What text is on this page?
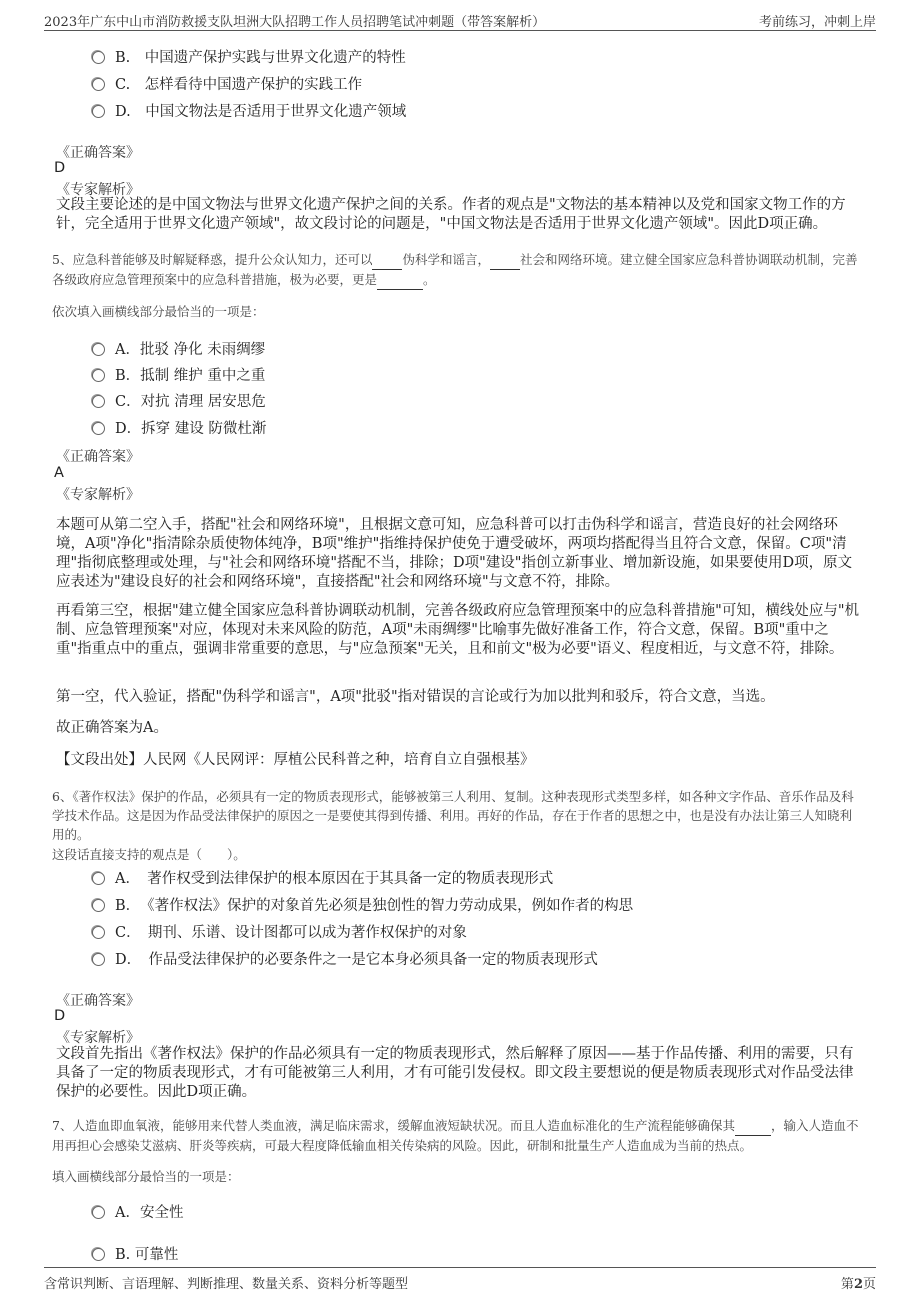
2023年广东中山市消防救援支队坦洲大队招聘工作人员招聘笔试冲刺题（带答案解析）	考前练习，冲刺上岸
B.　中国遗产保护实践与世界文化遗产的特性
C.　怎样看待中国遗产保护的实践工作
D.　中国文物法是否适用于世界文化遗产领域
《正确答案》
D
《专家解析》
文段主要论述的是中国文物法与世界文化遗产保护之间的关系。作者的观点是"文物法的基本精神以及党和国家文物工作的方针，完全适用于世界文化遗产领域"，故文段讨论的问题是，"中国文物法是否适用于世界文化遗产领域"。因此D项正确。
5、应急科普能够及时解疑释惑，提升公众认知力，还可以 伪科学和谣言， 社会和网络环境。建立健全国家应急科普协调联动机制，完善各级政府应急管理预案中的应急科普措施，极为必要，更是	。
依次填入画横线部分最恰当的一项是：
A．批驳 净化 未雨绸缪
B．抵制 维护 重中之重
C．对抗 清理 居安思危
D．拆穿 建设 防微杜渐
《正确答案》
A
《专家解析》
本题可从第二空入手，搭配"社会和网络环境"，且根据文意可知，应急科普可以打击伪科学和谣言，营造良好的社会网络环境，A项"净化"指清除杂质使物体纯净，B项"维护"指维持保护使免于遭受破坏，两项均搭配得当且符合文意，保留。C项"清理"指彻底整理或处理，与"社会和网络环境"搭配不当，排除；D项"建设"指创立新事业、增加新设施，如果要使用D项，原文应表述为"建设良好的社会和网络环境"，直接搭配"社会和网络环境"与文意不符，排除。
再看第三空，根据"建立健全国家应急科普协调联动机制，完善各级政府应急管理预案中的应急科普措施"可知，横线处应与"机制、应急管理预案"对应，体现对未来风险的防范，A项"未雨绸缪"比喻事先做好准备工作，符合文意，保留。B项"重中之重"指重点中的重点，强调非常重要的意思，与"应急预案"无关，且和前文"极为必要"语义、程度相近，与文意不符，排除。
第一空，代入验证，搭配"伪科学和谣言"，A项"批驳"指对错误的言论或行为加以批判和驳斥，符合文意，当选。
故正确答案为A。
【文段出处】人民网《人民网评：厚植公民科普之种，培育自立自强根基》
6、《著作权法》保护的作品，必须具有一定的物质表现形式，能够被第三人利用、复制。这种表现形式类型多样，如各种文字作品、音乐作品及科学技术作品。这是因为作品受法律保护的原因之一是要使其得到传播、利用。再好的作品，存在于作者的思想之中，也是没有办法让第三人知晓利用的。
这段话直接支持的观点是（　　）。
A．　著作权受到法律保护的根本原因在于其具备一定的物质表现形式
B．　《著作权法》保护的对象首先必须是独创性的智力劳动成果，例如作者的构思
C．　期刊、乐谱、设计图都可以成为著作权保护的对象
D．　作品受法律保护的必要条件之一是它本身必须具备一定的物质表现形式
《正确答案》
D
《专家解析》
文段首先指出《著作权法》保护的作品必须具有一定的物质表现形式，然后解释了原因——基于作品传播、利用的需要，只有具备了一定的物质表现形式，才有可能被第三人利用，才有可能引发侵权。即文段主要想说的便是物质表现形式对作品受法律保护的必要性。因此D项正确。
7、人造血即血氧液，能够用来代替人类血液，满足临床需求，缓解血液短缺状况。而且人造血标准化的生产流程能够确保其	，输入人造血不用再担心会感染艾滋病、肝炎等疾病，可最大程度降低输血相关传染病的风险。因此，研制和批量生产人造血成为当前的热点。
填入画横线部分最恰当的一项是：
A．安全性
B. 可靠性
含常识判断、言语理解、判断推理、数量关系、资料分析等题型	第2页
